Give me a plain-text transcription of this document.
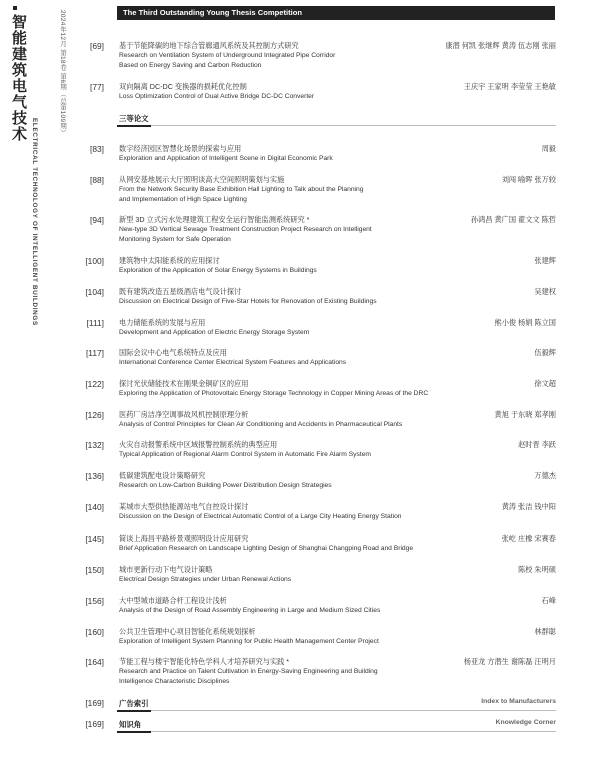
智能建筑电气技术	2024年12月 第18卷 第6期（总第109期）
ELECTRICAL TECHNOLOGY OF INTELLIGENT BUILDINGS
The Third Outstanding Young Thesis Competition
[69] 基于节能降碳的地下综合管廊通风系统及其控制方式研究
Research on Ventilation System of Underground Integrated Pipe Corridor
Based on Energy Saving and Carbon Reduction
康潜 何凯 张继辉 黄涛 伍志刚 张丽
[77] 双向隔离 DC-DC 变换器的损耗优化控制
Loss Optimization Control of Dual Active Bridge DC-DC Converter
王庆宇 王家明 李莹莹 王艳敏
[83] 数字经济园区智慧化场景的探索与应用
Exploration and Application of Intelligent Scene in Digital Economic Park
周毅
[88] 从网安基地展示大厅照明谈高大空间照明策划与实施
From the Network Security Base Exhibition Hall Lighting to Talk about the Planning
and Implementation of High Space Lighting
刘闯 喻晖 张万较
[94] 新型 3D 立式污水处理建筑工程安全运行智能监测系统研究 *
New-type 3D Vertical Sewage Treatment Construction Project Research on Intelligent
Monitoring System for Safe Operation
孙鸿昌 黄广国 翟文文 陈哲
[100] 建筑物中太阳能系统的应用探讨
Exploration of the Application of Solar Energy Systems in Buildings
张建辉
[104] 既有建筑改造五星级酒店电气设计探讨
Discussion on Electrical Design of Five-Star Hotels for Renovation of Existing Buildings
吴建权
[111] 电力储能系统的发展与应用
Development and Application of Electric Energy Storage System
熊小俊 杨娟 陈立国
[117] 国际会议中心电气系统特点及应用
International Conference Center Electrical System Features and Applications
伍毅辉
[122] 探讨光伏储能技术在刚果金铜矿区的应用
Exploring the Application of Photovoltaic Energy Storage Technology in Copper Mining Areas of the DRC
徐文超
[126] 医药厂房洁净空调事故风机控制原理分析
Analysis of Control Principles for Clean Air Conditioning and Accidents in Pharmaceutical Plants
黄旭 于东晓 郑孝刚
[132] 火灾自动报警系统中区域报警控制系统的典型应用
Typical Application of Regional Alarm Control System in Automatic Fire Alarm System
赵时晋 李跃
[136] 低碳建筑配电设计策略研究
Research on Low-Carbon Building Power Distribution Design Strategies
万德杰
[140] 某城市大型供热能源站电气自控设计探讨
Discussion on the Design of Electrical Automatic Control of a Large City Heating Energy Station
黄涛 张洁 钱中阳
[145] 简谈上海昌平路桥景观照明设计应用研究
Brief Application Research on Landscape Lighting Design of Shanghai Changping Road and Bridge
张屹 庄橡 宋赛春
[150] 城市更新行动下电气设计策略
Electrical Design Strategies under Urban Renewal Actions
陈校 朱明硕
[156] 大中型城市道路合杆工程设计浅析
Analysis of the Design of Road Assembly Engineering in Large and Medium Sized Cities
石峰
[160] 公共卫生管理中心项目智能化系统规划探析
Exploration of Intelligent System Planning for Public Health Management Center Project
林群聪
[164] 节能工程与楼宇智能化特色学科人才培养研究与实践 *
Research and Practice on Talent Cultivation in Energy-Saving Engineering and Building
Intelligence Characteristic Disciplines
杨亚龙 方潜生 谢陈磊 汪明月
三等论文
[169] 广告索引	Index to Manufacturers
[169] 知识角	Knowledge Corner
